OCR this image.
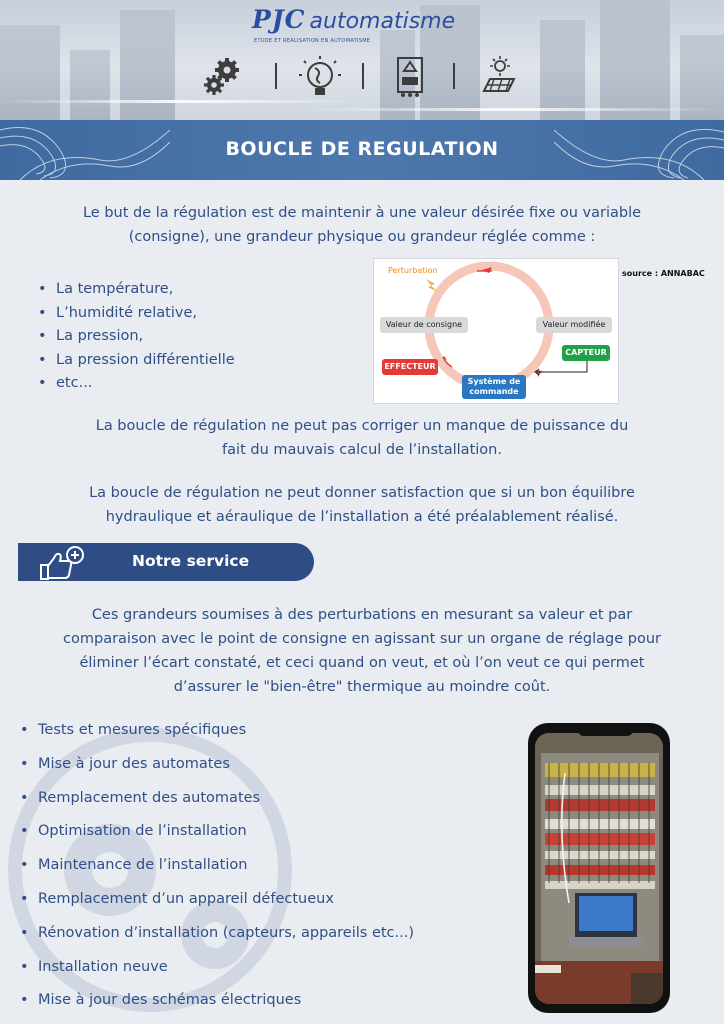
PJC automatisme
ETUDE ET REALISATION EN AUTOMATISME
BOUCLE DE REGULATION
Le but de la régulation est de maintenir à une valeur désirée fixe ou variable
(consigne), une grandeur physique ou grandeur réglée comme :
• La température,
• L’humidité relative,
• La pression,
• La pression différentielle
• etc...
Perturbation
Valeur de consigne	Valeur modifiée
CAPTEUR
EFFECTEUR
Système de
commande
source : ANNABAC
La boucle de régulation ne peut pas corriger un manque de puissance du
fait du mauvais calcul de l’installation.
La boucle de régulation ne peut donner satisfaction que si un bon équilibre
hydraulique et aéraulique de l’installation a été préalablement réalisé.
Notre service
Ces grandeurs soumises à des perturbations en mesurant sa valeur et par
comparaison avec le point de consigne en agissant sur un organe de réglage pour
éliminer l’écart constaté, et ceci quand on veut, et où l’on veut ce qui permet
d’assurer le "bien-être" thermique au moindre coût.
• Tests et mesures spécifiques
• Mise à jour des automates
• Remplacement des automates
• Optimisation de l’installation
• Maintenance de l’installation
• Remplacement d’un appareil défectueux
• Rénovation d’installation (capteurs, appareils etc...)
• Installation neuve
• Mise à jour des schémas électriques
